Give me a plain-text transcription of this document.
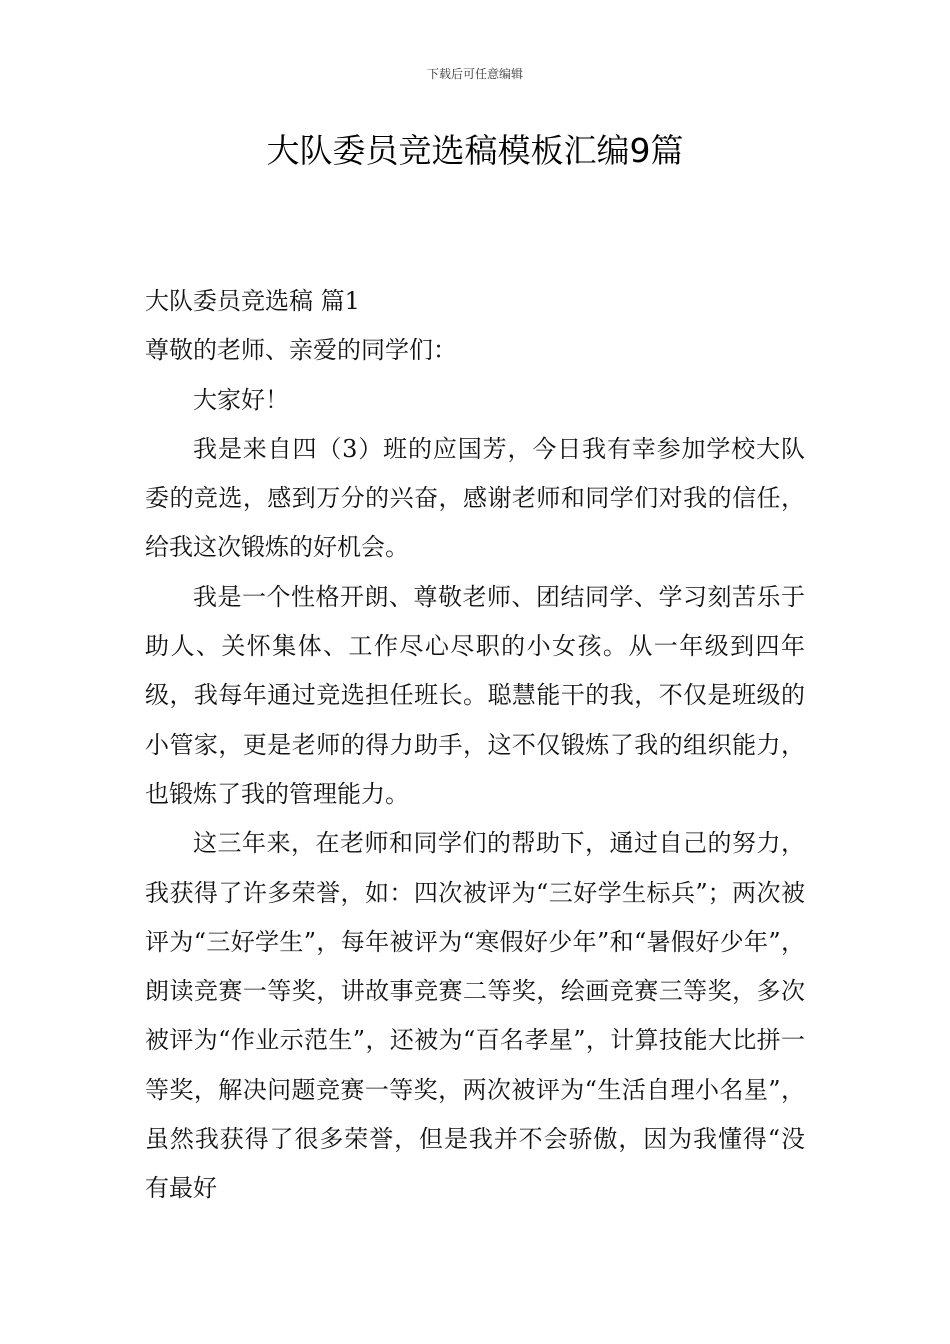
下载后可任意编辑
大队委员竞选稿模板汇编9篇

大队委员竞选稿 篇1

尊敬的老师、亲爱的同学们：

大家好！

我是来自四（3）班的应国芳，今日我有幸参加学校大队委的竞选，感到万分的兴奋，感谢老师和同学们对我的信任，给我这次锻炼的好机会。

我是一个性格开朗、尊敬老师、团结同学、学习刻苦乐于助人、关怀集体、工作尽心尽职的小女孩。从一年级到四年级，我每年通过竞选担任班长。聪慧能干的我，不仅是班级的小管家，更是老师的得力助手，这不仅锻炼了我的组织能力，也锻炼了我的管理能力。

这三年来，在老师和同学们的帮助下，通过自己的努力，我获得了许多荣誉，如：四次被评为“三好学生标兵”；两次被评为“三好学生”，每年被评为“寒假好少年”和“暑假好少年”，朗读竞赛一等奖，讲故事竞赛二等奖，绘画竞赛三等奖，多次被评为“作业示范生”，还被为“百名孝星”，计算技能大比拼一等奖，解决问题竞赛一等奖，两次被评为“生活自理小名星”，虽然我获得了很多荣誉，但是我并不会骄傲，因为我懂得“没有最好
